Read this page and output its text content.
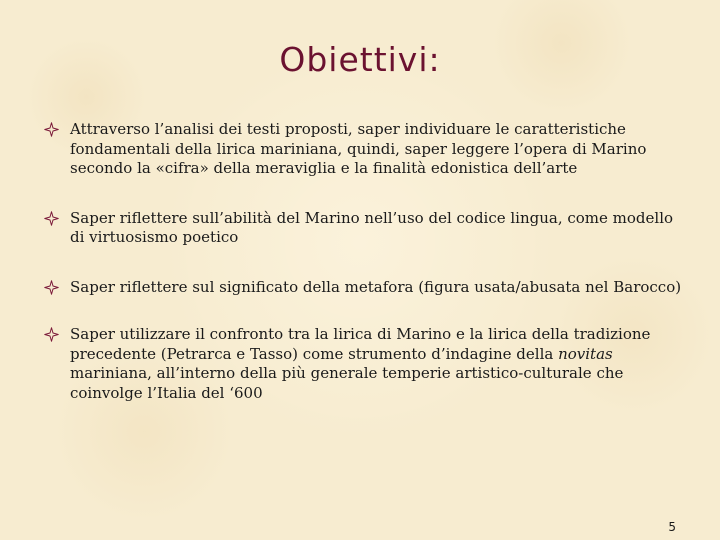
Obiettivi:
Attraverso l’analisi dei testi proposti, saper individuare le caratteristiche fondamentali della lirica mariniana, quindi, saper leggere l’opera di Marino secondo la «cifra» della meraviglia e la finalità edonistica dell’arte
Saper riflettere sull’abilità del Marino nell’uso del codice lingua, come modello di virtuosismo poetico
Saper riflettere sul significato della metafora (figura usata/abusata nel Barocco)
Saper utilizzare il confronto tra la lirica di Marino e la lirica della tradizione precedente (Petrarca e Tasso) come strumento d’indagine della novitas mariniana, all’interno della più generale temperie artistico-culturale che coinvolge l’Italia del ‘600
5
